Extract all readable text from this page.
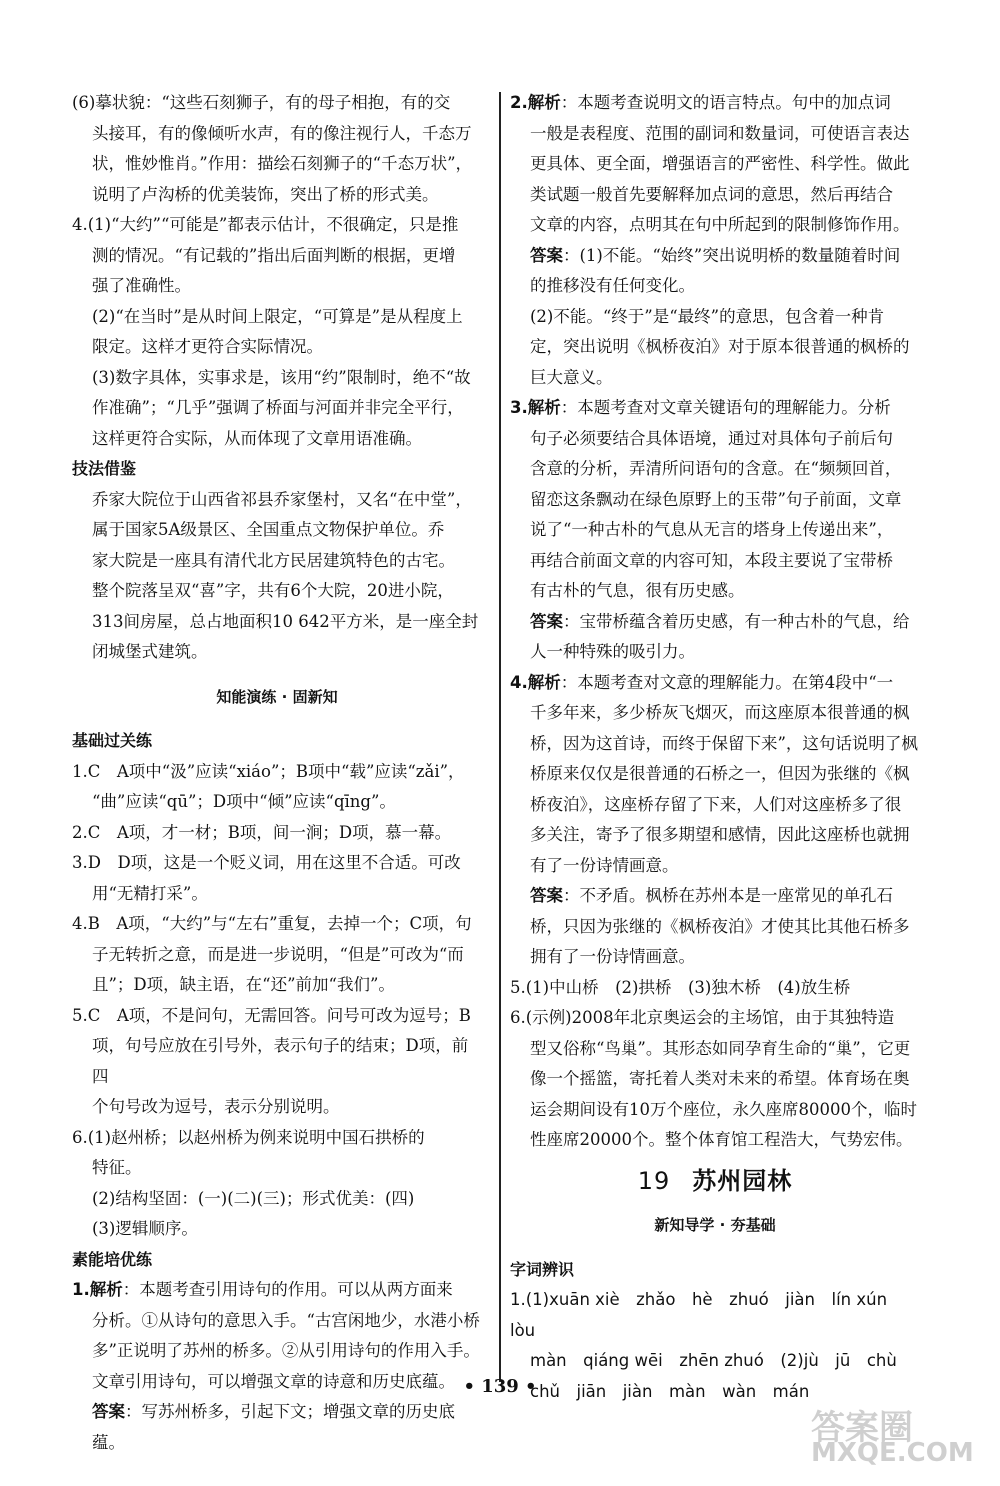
(6)摹状貌：“这些石刻狮子，有的母子相抱，有的交

头接耳，有的像倾听水声，有的像注视行人，千态万

状，惟妙惟肖。”作用：描绘石刻狮子的“千态万状”，

说明了卢沟桥的优美装饰，突出了桥的形式美。

4.(1)“大约”“可能是”都表示估计，不很确定，只是推

测的情况。“有记载的”指出后面判断的根据，更增

强了准确性。

(2)“在当时”是从时间上限定，“可算是”是从程度上

限定。这样才更符合实际情况。

(3)数字具体，实事求是，该用“约”限制时，绝不“故

作准确”；“几乎”强调了桥面与河面并非完全平行，

这样更符合实际，从而体现了文章用语准确。

技法借鉴

乔家大院位于山西省祁县乔家堡村，又名“在中堂”，

属于国家5A级景区、全国重点文物保护单位。乔

家大院是一座具有清代北方民居建筑特色的古宅。

整个院落呈双“喜”字，共有6个大院，20进小院，

313间房屋，总占地面积10 642平方米，是一座全封

闭城堡式建筑。

知能演练 · 固新知

基础过关练

1.C　A项中“汲”应读“xiáo”；B项中“载”应读“zǎi”，

“曲”应读“qū”；D项中“倾”应读“qīng”。

2.C　A项，才一材；B项，间一涧；D项，慕一幕。

3.D　D项，这是一个贬义词，用在这里不合适。可改

用“无精打采”。

4.B　A项，“大约”与“左右”重复，去掉一个；C项，句

子无转折之意，而是进一步说明，“但是”可改为“而

且”；D项，缺主语，在“还”前加“我们”。

5.C　A项，不是问句，无需回答。问号可改为逗号；B

项，句号应放在引号外，表示句子的结束；D项，前四

个句号改为逗号，表示分别说明。

6.(1)赵州桥；以赵州桥为例来说明中国石拱桥的

特征。

(2)结构坚固：(一)(二)(三)；形式优美：(四)

(3)逻辑顺序。

素能培优练

1.解析：本题考查引用诗句的作用。可以从两方面来

分析。①从诗句的意思入手。“古宫闲地少，水港小桥

多”正说明了苏州的桥多。②从引用诗句的作用入手。

文章引用诗句，可以增强文章的诗意和历史底蕴。

答案：写苏州桥多，引起下文；增强文章的历史底蕴。

2.解析：本题考查说明文的语言特点。句中的加点词

一般是表程度、范围的副词和数量词，可使语言表达

更具体、更全面，增强语言的严密性、科学性。做此

类试题一般首先要解释加点词的意思，然后再结合

文章的内容，点明其在句中所起到的限制修饰作用。

答案：(1)不能。“始终”突出说明桥的数量随着时间

的推移没有任何变化。

(2)不能。“终于”是“最终”的意思，包含着一种肯

定，突出说明《枫桥夜泊》对于原本很普通的枫桥的

巨大意义。

3.解析：本题考查对文章关键语句的理解能力。分析

句子必须要结合具体语境，通过对具体句子前后句

含意的分析，弄清所问语句的含意。在“频频回首，

留恋这条飘动在绿色原野上的玉带”句子前面，文章

说了“一种古朴的气息从无言的塔身上传递出来”，

再结合前面文章的内容可知，本段主要说了宝带桥

有古朴的气息，很有历史感。

答案：宝带桥蕴含着历史感，有一种古朴的气息，给

人一种特殊的吸引力。

4.解析：本题考查对文意的理解能力。在第4段中“一

千多年来，多少桥灰飞烟灭，而这座原本很普通的枫

桥，因为这首诗，而终于保留下来”，这句话说明了枫

桥原来仅仅是很普通的石桥之一，但因为张继的《枫

桥夜泊》，这座桥存留了下来，人们对这座桥多了很

多关注，寄予了很多期望和感情，因此这座桥也就拥

有了一份诗情画意。

答案：不矛盾。枫桥在苏州本是一座常见的单孔石

桥，只因为张继的《枫桥夜泊》才使其比其他石桥多

拥有了一份诗情画意。

5.(1)中山桥　(2)拱桥　(3)独木桥　(4)放生桥

6.(示例)2008年北京奥运会的主场馆，由于其独特造

型又俗称“鸟巢”。其形态如同孕育生命的“巢”，它更

像一个摇篮，寄托着人类对未来的希望。体育场在奥

运会期间设有10万个座位，永久座席80000个，临时

性座席20000个。整个体育馆工程浩大，气势宏伟。

19 苏州园林

新知导学 · 夯基础

字词辨识

1.(1)xuān xiè　zhǎo　hè　zhuó　jiàn　lín xún　lòu

màn　qiáng wēi　zhēn zhuó　(2)jù　jū　chù

chǔ　jiān　jiàn　màn　wàn　mán

• 139 •
答案圈
MXQE.COM
